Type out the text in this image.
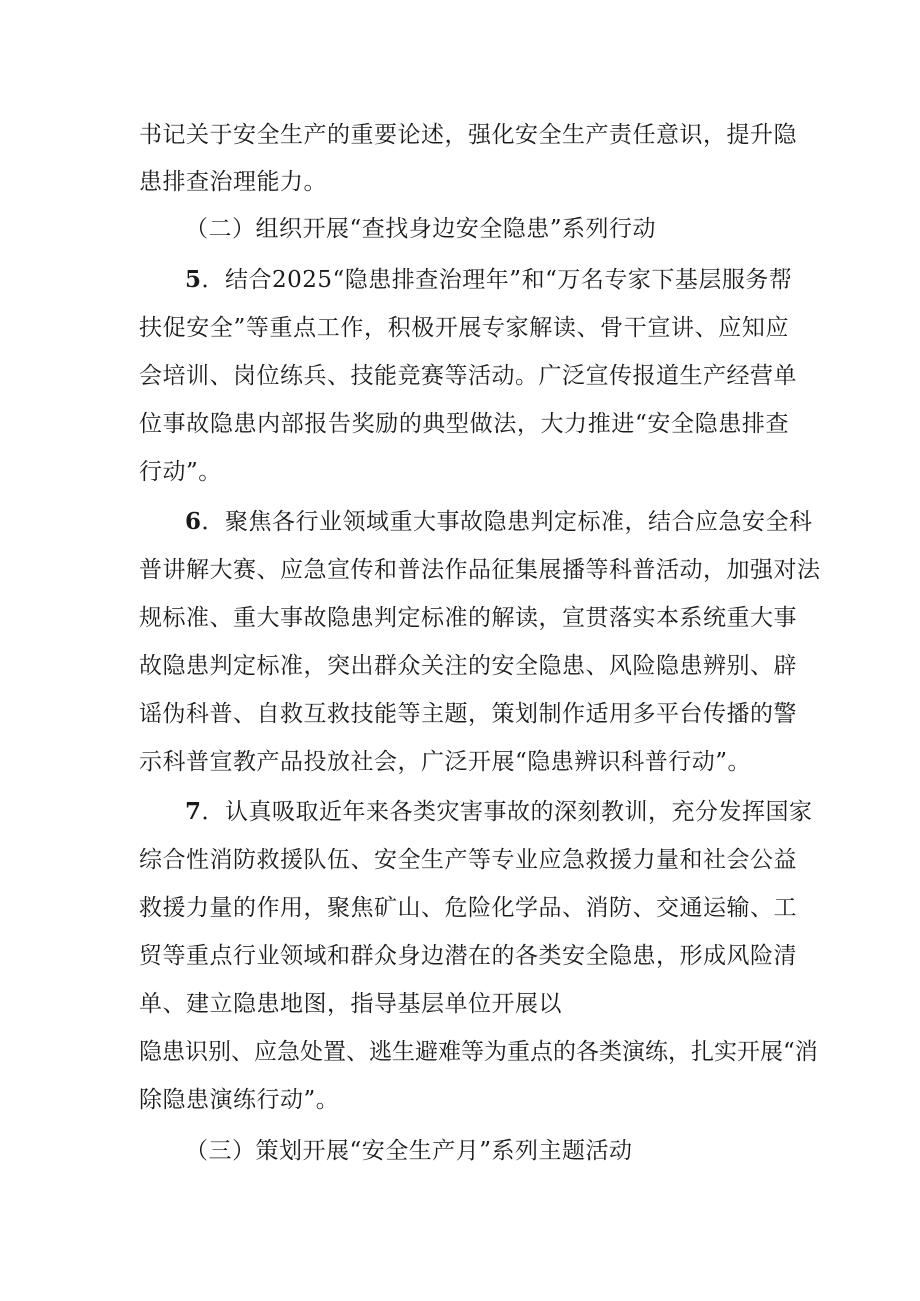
书记关于安全生产的重要论述，强化安全生产责任意识，提升隐
患排查治理能力。
（二）组织开展“查找身边安全隐患”系列行动
5．结合2025“隐患排查治理年”和“万名专家下基层服务帮
扶促安全”等重点工作，积极开展专家解读、骨干宣讲、应知应
会培训、岗位练兵、技能竞赛等活动。广泛宣传报道生产经营单
位事故隐患内部报告奖励的典型做法，大力推进“安全隐患排查
行动”。
6．聚焦各行业领域重大事故隐患判定标准，结合应急安全科
普讲解大赛、应急宣传和普法作品征集展播等科普活动，加强对法
规标准、重大事故隐患判定标准的解读，宣贯落实本系统重大事
故隐患判定标准，突出群众关注的安全隐患、风险隐患辨别、辟
谣伪科普、自救互救技能等主题，策划制作适用多平台传播的警
示科普宣教产品投放社会，广泛开展“隐患辨识科普行动”。
7．认真吸取近年来各类灾害事故的深刻教训，充分发挥国家
综合性消防救援队伍、安全生产等专业应急救援力量和社会公益
救援力量的作用，聚焦矿山、危险化学品、消防、交通运输、工
贸等重点行业领域和群众身边潜在的各类安全隐患，形成风险清
单、建立隐患地图，指导基层单位开展以
隐患识别、应急处置、逃生避难等为重点的各类演练，扎实开展“消
除隐患演练行动”。
（三）策划开展“安全生产月”系列主题活动
